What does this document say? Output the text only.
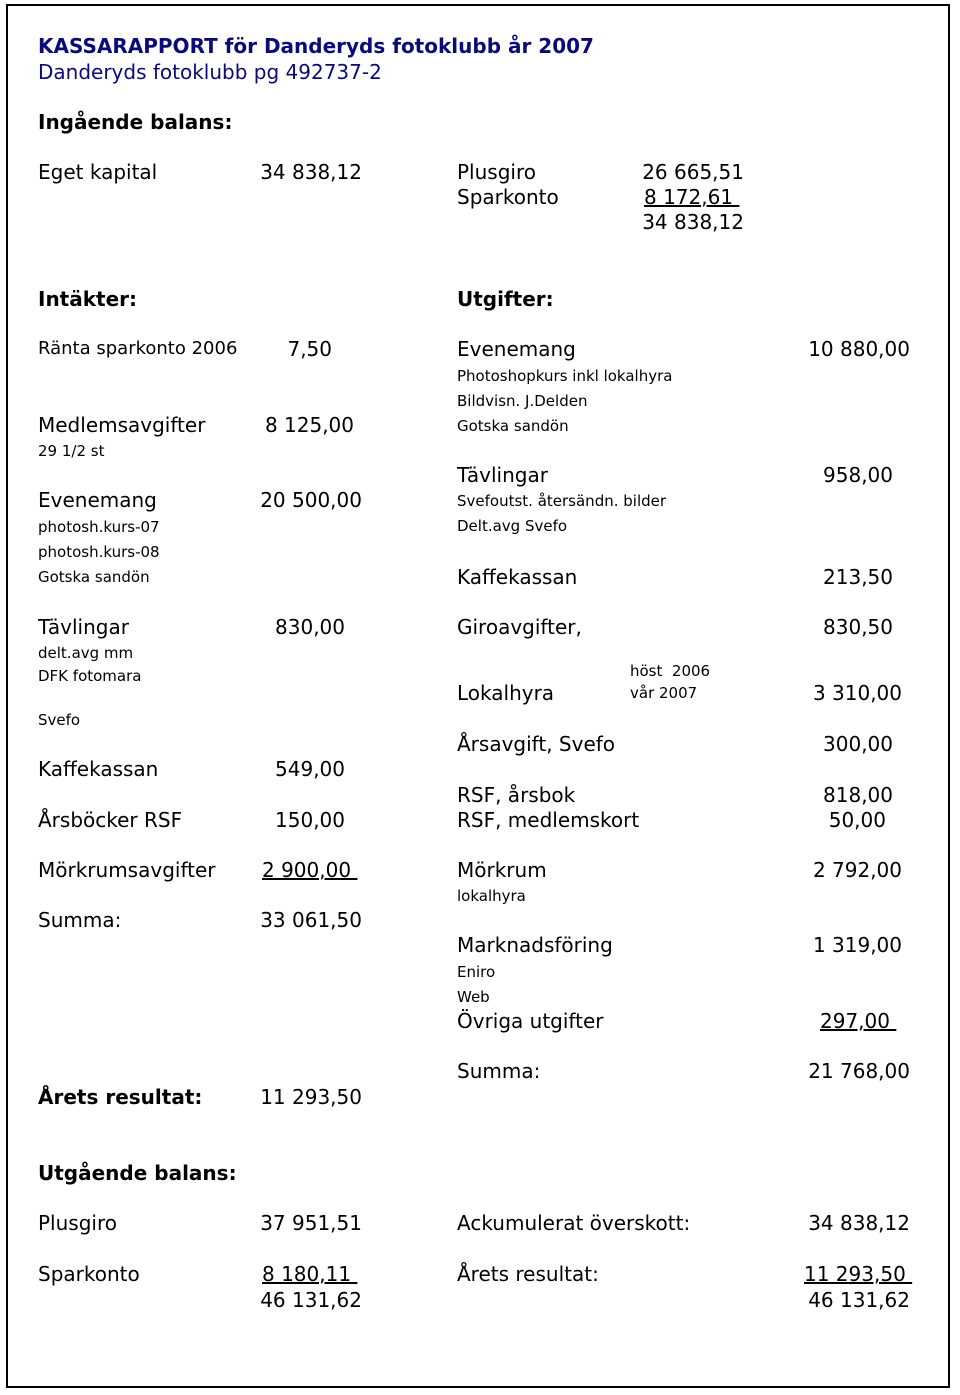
KASSARAPPORT för Danderyds fotoklubb år 2007
Danderyds fotoklubb pg 492737-2
Ingående balans:
Eget kapital	34 838,12	Plusgiro	26 665,51
Sparkonto	8 172,61
34 838,12
Intäkter:	Utgifter:
Ränta sparkonto 2006	7,50
Medlemsavgifter	8 125,00
29 1/2 st
Evenemang	20 500,00
photosh.kurs-07
photosh.kurs-08
Gotska sandön
Tävlingar	830,00
delt.avg mm
DFK fotomara
Svefo
Kaffekassan	549,00
Årsböcker RSF	150,00
Mörkrumsavgifter 2 900,00
Summa:	33 061,50
Årets resultat:	11 293,50
Evenemang	10 880,00
Photoshopkurs inkl lokalhyra
Bildvisn. J.Delden
Gotska sandön
Tävlingar	958,00
Svefoutst. återsändn. bilder
Delt.avg Svefo
Kaffekassan	213,50
Giroavgifter,	830,50
höst  2006
vår 2007
Lokalhyra	3 310,00
Årsavgift, Svefo	300,00
RSF, årsbok	818,00
RSF, medlemskort	50,00
Mörkrum	2 792,00
lokalhyra
Marknadsföring	1 319,00
Eniro
Web
Övriga utgifter	297,00
Summa:	21 768,00
Utgående balans:
Plusgiro	37 951,51
Sparkonto	8 180,11
46 131,62
Ackumulerat överskott:	34 838,12
Årets resultat:	11 293,50
46 131,62
